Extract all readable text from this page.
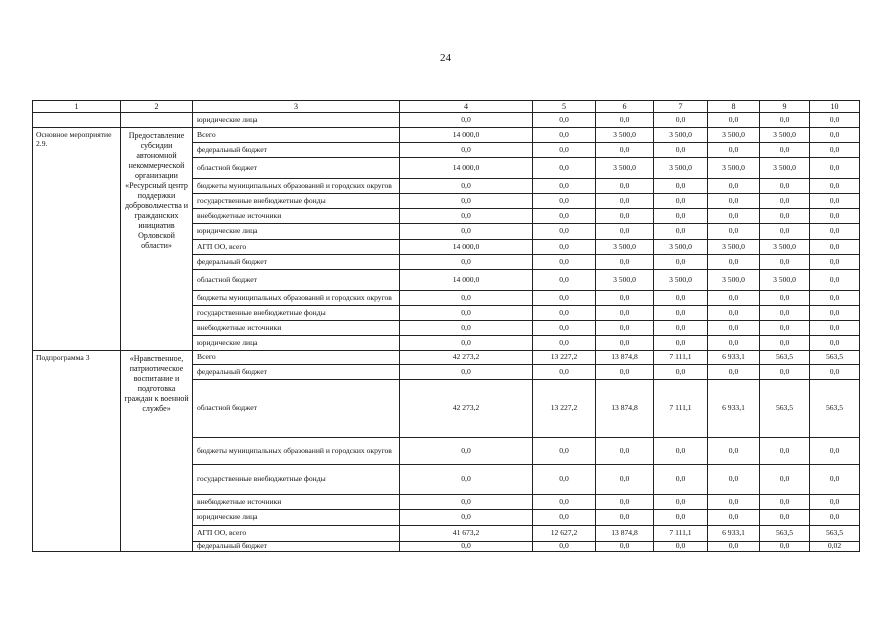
24
1	2	3	4	5	6	7	8	9	10
		юридические лица	0,0	0,0	0,0	0,0	0,0	0,0	0,0
Основное мероприятие 2.9.	Предоставление субсидии автономной некоммерческой организации «Ресурсный центр поддержки добровольчества и гражданских инициатив Орловской области»	Всего	14 000,0	0,0	3 500,0	3 500,0	3 500,0	3 500,0	0,0
		федеральный бюджет	0,0	0,0	0,0	0,0	0,0	0,0	0,0
		областной бюджет	14 000,0	0,0	3 500,0	3 500,0	3 500,0	3 500,0	0,0
		бюджеты муниципальных образований и городских округов	0,0	0,0	0,0	0,0	0,0	0,0	0,0
		государственные внебюджетные фонды	0,0	0,0	0,0	0,0	0,0	0,0	0,0
		внебюджетные источники	0,0	0,0	0,0	0,0	0,0	0,0	0,0
		юридические лица	0,0	0,0	0,0	0,0	0,0	0,0	0,0
		АГП ОО, всего	14 000,0	0,0	3 500,0	3 500,0	3 500,0	3 500,0	0,0
		федеральный бюджет	0,0	0,0	0,0	0,0	0,0	0,0	0,0
		областной бюджет	14 000,0	0,0	3 500,0	3 500,0	3 500,0	3 500,0	0,0
		бюджеты муниципальных образований и городских округов	0,0	0,0	0,0	0,0	0,0	0,0	0,0
		государственные внебюджетные фонды	0,0	0,0	0,0	0,0	0,0	0,0	0,0
		внебюджетные источники	0,0	0,0	0,0	0,0	0,0	0,0	0,0
		юридические лица	0,0	0,0	0,0	0,0	0,0	0,0	0,0
Подпрограмма 3	«Нравственное, патриотическое воспитание и подготовка граждан к военной службе»	Всего	42 273,2	13 227,2	13 874,8	7 111,1	6 933,1	563,5	563,5
		федеральный бюджет	0,0	0,0	0,0	0,0	0,0	0,0	0,0
		областной бюджет	42 273,2	13 227,2	13 874,8	7 111,1	6 933,1	563,5	563,5
		бюджеты муниципальных образований и городских округов	0,0	0,0	0,0	0,0	0,0	0,0	0,0
		государственные внебюджетные фонды	0,0	0,0	0,0	0,0	0,0	0,0	0,0
		внебюджетные источники	0,0	0,0	0,0	0,0	0,0	0,0	0,0
		юридические лица	0,0	0,0	0,0	0,0	0,0	0,0	0,0
		АГП ОО, всего	41 673,2	12 627,2	13 874,8	7 111,1	6 933,1	563,5	563,5
		федеральный бюджет	0,0	0,0	0,0	0,0	0,0	0,0	0,02
